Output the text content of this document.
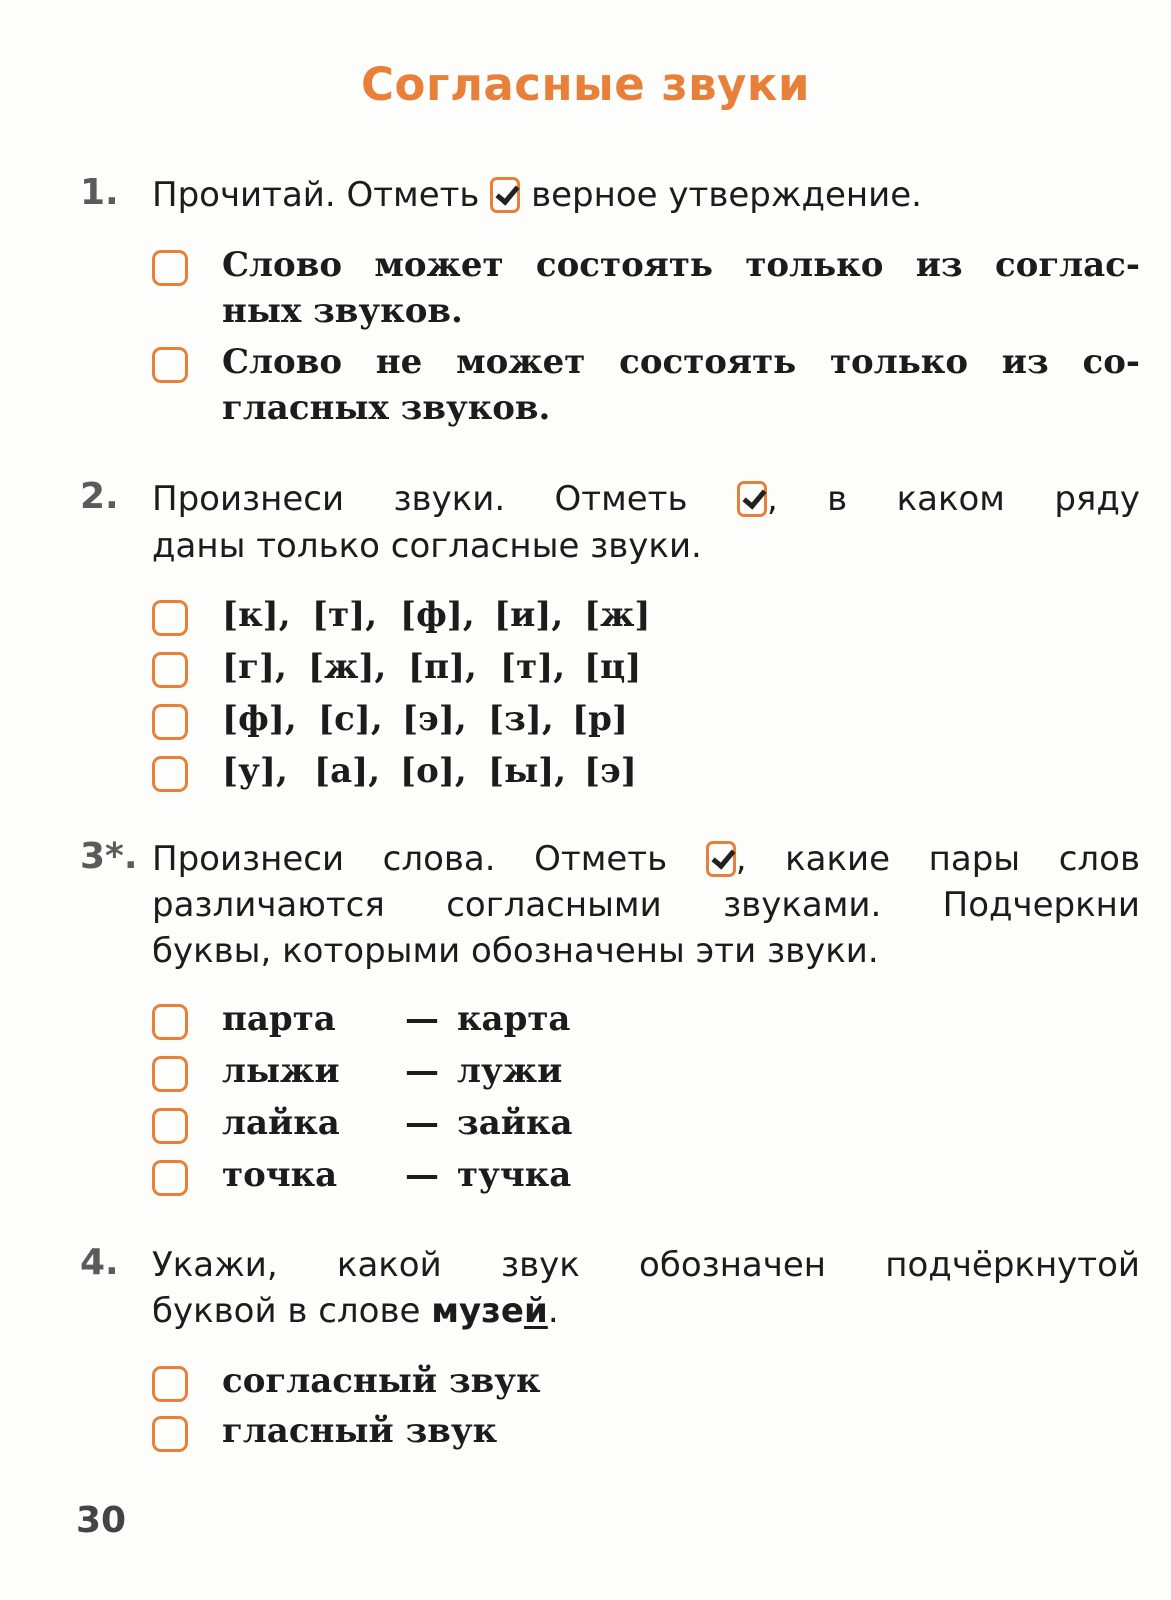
Согласные звуки
1. Прочитай. Отметь верное утверждение.
Слово может состоять только из соглас-
ных звуков.
Слово не может состоять только из со-
гласных звуков.
2. Произнеси звуки. Отметь , в каком ряду
даны только согласные звуки.
[к], [т], [ф], [и], [ж]
[г], [ж], [п], [т], [ц]
[ф], [с], [э], [з], [р]
[у], [а], [о], [ы], [э]
3*. Произнеси слова. Отметь , какие пары слов
различаются согласными звуками. Подчеркни
буквы, которыми обозначены эти звуки.
парта — карта
лыжи — лужи
лайка — зайка
точка — тучка
4. Укажи, какой звук обозначен подчёркнутой
буквой в слове музей.
согласный звук
гласный звук
30
